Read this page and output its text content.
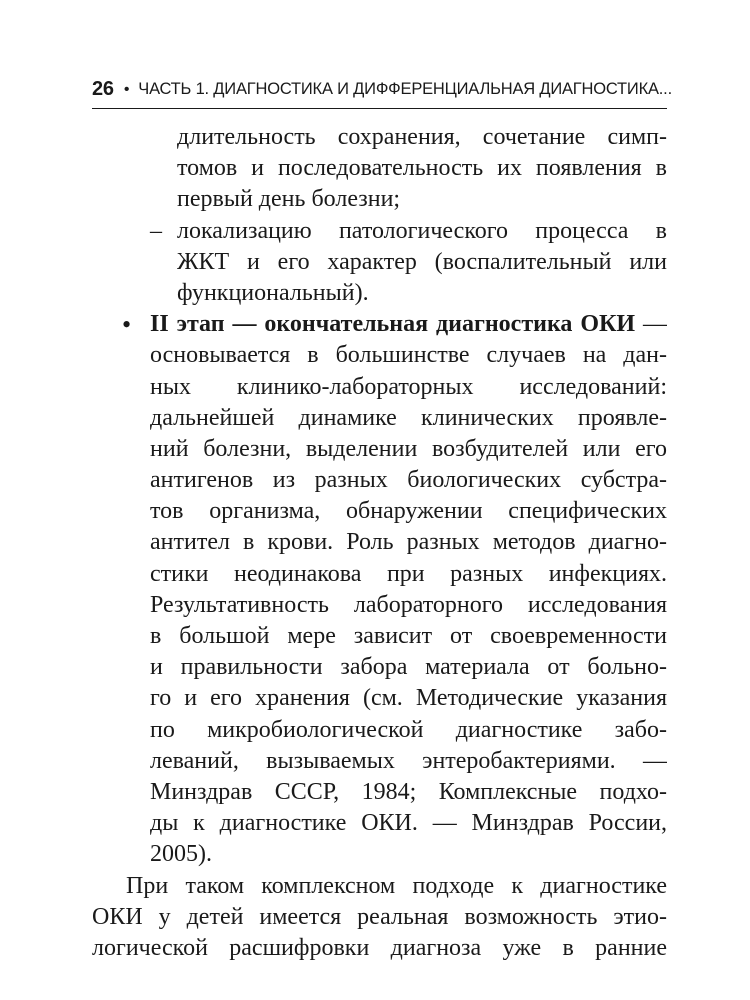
26 • ЧАСТЬ 1. ДИАГНОСТИКА И ДИФФЕРЕНЦИАЛЬНАЯ ДИАГНОСТИКА...
длительность сохранения, сочетание симп-
томов и последовательность их появления в
первый день болезни;
– локализацию патологического процесса в
ЖКТ и его характер (воспалительный или
функциональный).
• II этап — окончательная диагностика ОКИ —
основывается в большинстве случаев на дан-
ных клинико-лабораторных исследований:
дальнейшей динамике клинических проявле-
ний болезни, выделении возбудителей или его
антигенов из разных биологических субстра-
тов организма, обнаружении специфических
антител в крови. Роль разных методов диагно-
стики неодинакова при разных инфекциях.
Результативность лабораторного исследования
в большой мере зависит от своевременности
и правильности забора материала от больно-
го и его хранения (см. Методические указания
по микробиологической диагностике забо-
леваний, вызываемых энтеробактериями. —
Минздрав СССР, 1984; Комплексные подхо-
ды к диагностике ОКИ. — Минздрав России,
2005).
При таком комплексном подходе к диагностике
ОКИ у детей имеется реальная возможность этио-
логической расшифровки диагноза уже в ранние
